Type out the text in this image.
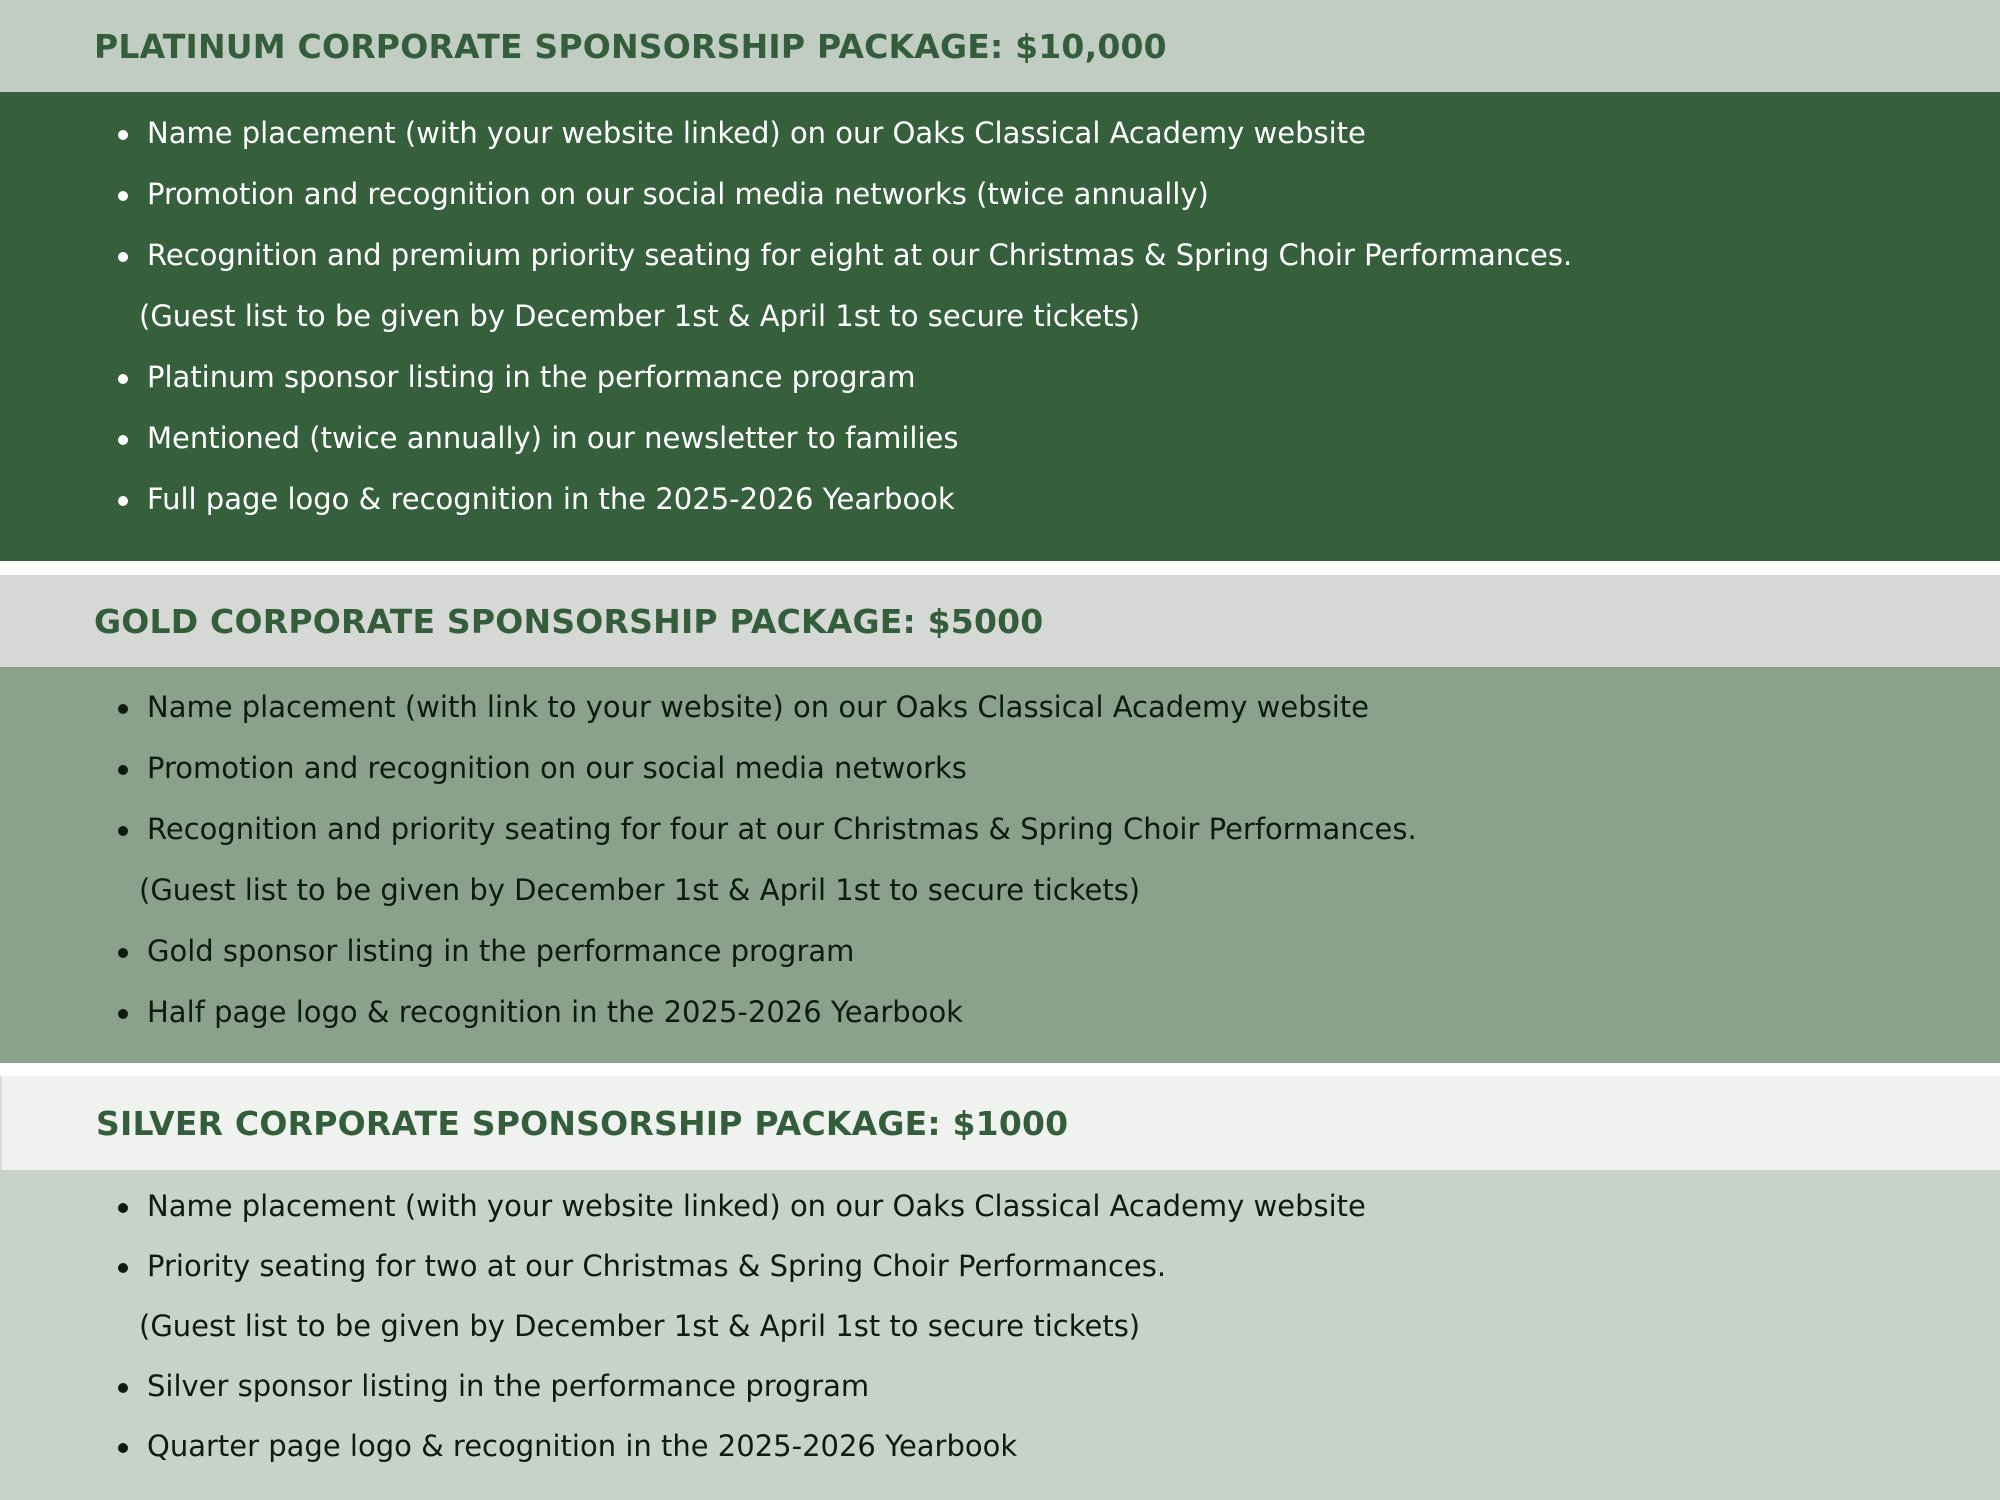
PLATINUM CORPORATE SPONSORSHIP PACKAGE: $10,000
Name placement (with your website linked) on our Oaks Classical Academy website
Promotion and recognition on our social media networks (twice annually)
Recognition and premium priority seating for eight at our Christmas & Spring Choir Performances.
(Guest list to be given by December 1st & April 1st to secure tickets)
Platinum sponsor listing in the performance program
Mentioned (twice annually) in our newsletter to families
Full page logo & recognition in the 2025-2026 Yearbook
GOLD CORPORATE SPONSORSHIP PACKAGE: $5000
Name placement (with link to your website) on our Oaks Classical Academy website
Promotion and recognition on our social media networks
Recognition and priority seating for four at our Christmas & Spring Choir Performances.
(Guest list to be given by December 1st & April 1st to secure tickets)
Gold sponsor listing in the performance program
Half page logo & recognition in the 2025-2026 Yearbook
SILVER CORPORATE SPONSORSHIP PACKAGE: $1000
Name placement (with your website linked) on our Oaks Classical Academy website
Priority seating for two at our Christmas & Spring Choir Performances.
(Guest list to be given by December 1st & April 1st to secure tickets)
Silver sponsor listing in the performance program
Quarter page logo & recognition in the 2025-2026 Yearbook
